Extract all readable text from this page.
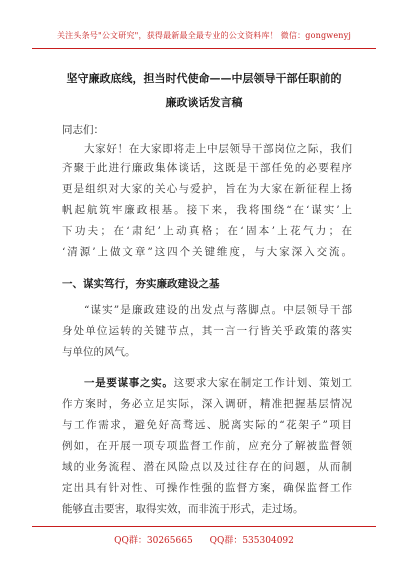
关注头条号"公文研究"，获得最新最全最专业的公文资料库！ 微信：gongwenyj
坚守廉政底线，担当时代使命——中层领导干部任职前的
廉政谈话发言稿
同志们：
大家好！在大家即将走上中层领导干部岗位之际，我们
齐聚于此进行廉政集体谈话，这既是干部任免的必要程序
更是组织对大家的关心与爱护，旨在为大家在新征程上扬
帆起航筑牢廉政根基。接下来，我将围绕“在‘谋实’上
下功夫；在‘肃纪’上动真格；在‘固本’上花气力；在
‘清源’上做文章”这四个关键维度，与大家深入交流。
一、谋实笃行，夯实廉政建设之基
“谋实”是廉政建设的出发点与落脚点。中层领导干部
身处单位运转的关键节点，其一言一行皆关乎政策的落实
与单位的风气。
一是要谋事之实。这要求大家在制定工作计划、策划工
作方案时，务必立足实际，深入调研，精准把握基层情况
与工作需求，避免好高骛远、脱离实际的“花架子”项目
例如，在开展一项专项监督工作前，应充分了解被监督领
域的业务流程、潜在风险点以及过往存在的问题，从而制
定出具有针对性、可操作性强的监督方案，确保监督工作
能够直击要害，取得实效，而非流于形式，走过场。
QQ群：30265665 QQ群：535304092
